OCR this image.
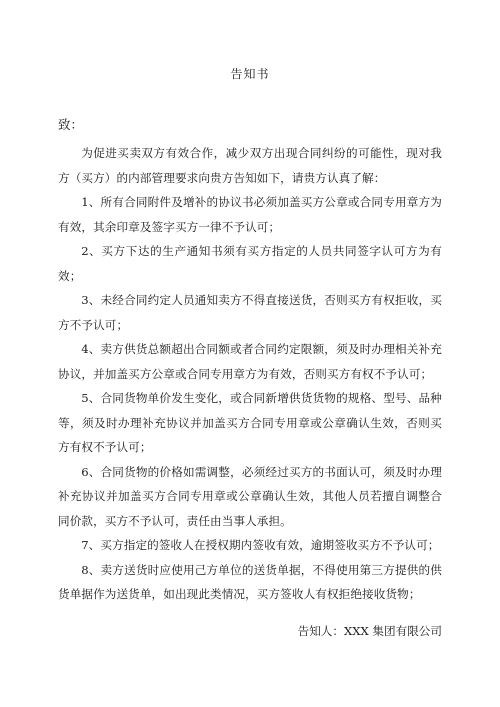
告知书
致：

为促进买卖双方有效合作，减少双方出现合同纠纷的可能性，现对我方（买方）的内部管理要求向贵方告知如下，请贵方认真了解：

1、所有合同附件及增补的协议书必须加盖买方公章或合同专用章方为有效，其余印章及签字买方一律不予认可；

2、买方下达的生产通知书须有买方指定的人员共同签字认可方为有效；

3、未经合同约定人员通知卖方不得直接送货，否则买方有权拒收，买方不予认可；

4、卖方供货总额超出合同额或者合同约定限额，须及时办理相关补充协议，并加盖买方公章或合同专用章方为有效，否则买方有权不予认可；

5、合同货物单价发生变化，或合同新增供货货物的规格、型号、品种等，须及时办理补充协议并加盖买方合同专用章或公章确认生效，否则买方有权不予认可；

6、合同货物的价格如需调整，必须经过买方的书面认可，须及时办理补充协议并加盖买方合同专用章或公章确认生效，其他人员若擅自调整合同价款，买方不予认可，责任由当事人承担。

7、买方指定的签收人在授权期内签收有效，逾期签收买方不予认可；

8、卖方送货时应使用己方单位的送货单据，不得使用第三方提供的供货单据作为送货单，如出现此类情况，买方签收人有权拒绝接收货物；

告知人：XXX 集团有限公司
